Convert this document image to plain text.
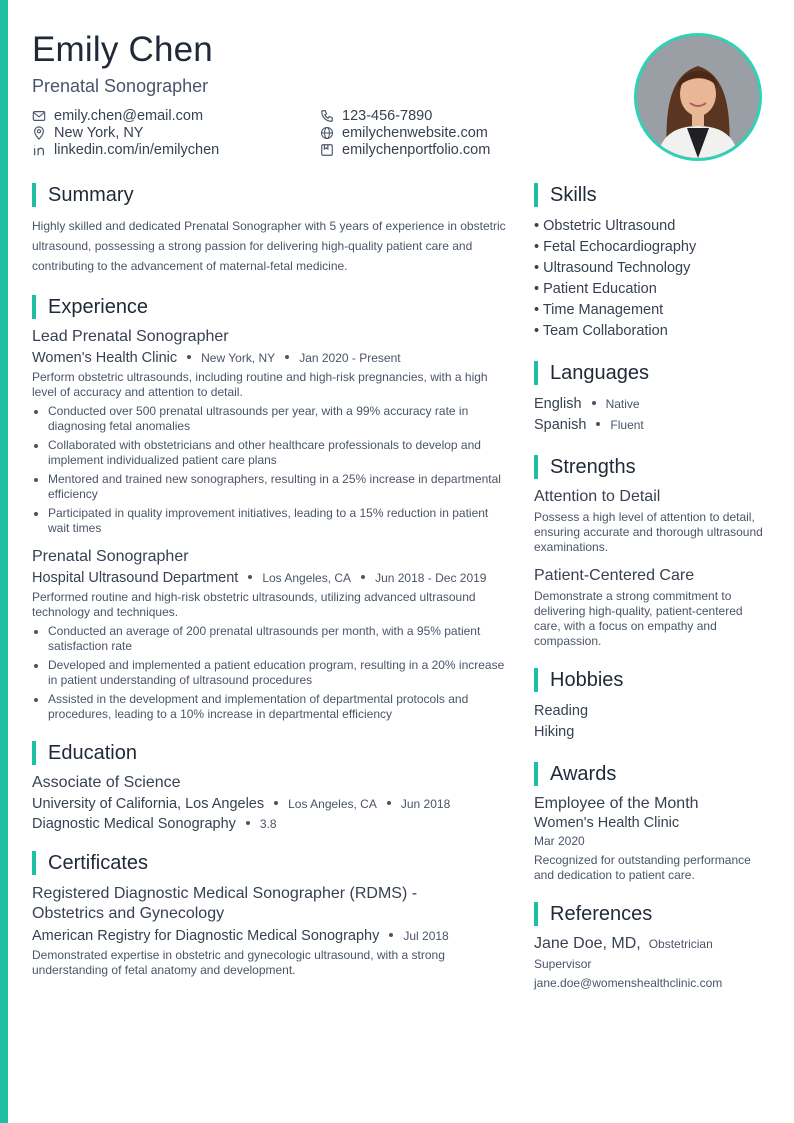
Emily Chen
Prenatal Sonographer
emily.chen@email.com
New York, NY
linkedin.com/in/emilychen
123-456-7890
emilychenwebsite.com
emilychenportfolio.com
Summary

Highly skilled and dedicated Prenatal Sonographer with 5 years of experience in obstetric ultrasound, possessing a strong passion for delivering high-quality patient care and contributing to the advancement of maternal-fetal medicine.

Experience
Lead Prenatal Sonographer
Women's Health Clinic New York, NY Jan 2020 - Present

Perform obstetric ultrasounds, including routine and high-risk pregnancies, with a high level of accuracy and attention to detail.

Conducted over 500 prenatal ultrasounds per year, with a 99% accuracy rate in diagnosing fetal anomalies
Collaborated with obstetricians and other healthcare professionals to develop and implement individualized patient care plans
Mentored and trained new sonographers, resulting in a 25% increase in departmental efficiency
Participated in quality improvement initiatives, leading to a 15% reduction in patient wait times
Prenatal Sonographer
Hospital Ultrasound Department Los Angeles, CA Jun 2018 - Dec 2019

Performed routine and high-risk obstetric ultrasounds, utilizing advanced ultrasound technology and techniques.

Conducted an average of 200 prenatal ultrasounds per month, with a 95% patient satisfaction rate
Developed and implemented a patient education program, resulting in a 20% increase in patient understanding of ultrasound procedures
Assisted in the development and implementation of departmental protocols and procedures, leading to a 10% increase in departmental efficiency
Education
Associate of Science
University of California, Los Angeles Los Angeles, CA Jun 2018
Diagnostic Medical Sonography 3.8
Certificates
Registered Diagnostic Medical Sonographer (RDMS) - Obstetrics and Gynecology
American Registry for Diagnostic Medical Sonography Jul 2018

Demonstrated expertise in obstetric and gynecologic ultrasound, with a strong understanding of fetal anatomy and development.

Skills
• Obstetric Ultrasound
• Fetal Echocardiography
• Ultrasound Technology
• Patient Education
• Time Management
• Team Collaboration
Languages
English Native
Spanish Fluent
Strengths
Attention to Detail

Possess a high level of attention to detail, ensuring accurate and thorough ultrasound examinations.

Patient-Centered Care

Demonstrate a strong commitment to delivering high-quality, patient-centered care, with a focus on empathy and compassion.

Hobbies
Reading
Hiking
Awards
Employee of the Month
Women's Health Clinic
Mar 2020

Recognized for outstanding performance and dedication to patient care.

References
Jane Doe, MD, Obstetrician
Supervisor
jane.doe@womenshealthclinic.com
